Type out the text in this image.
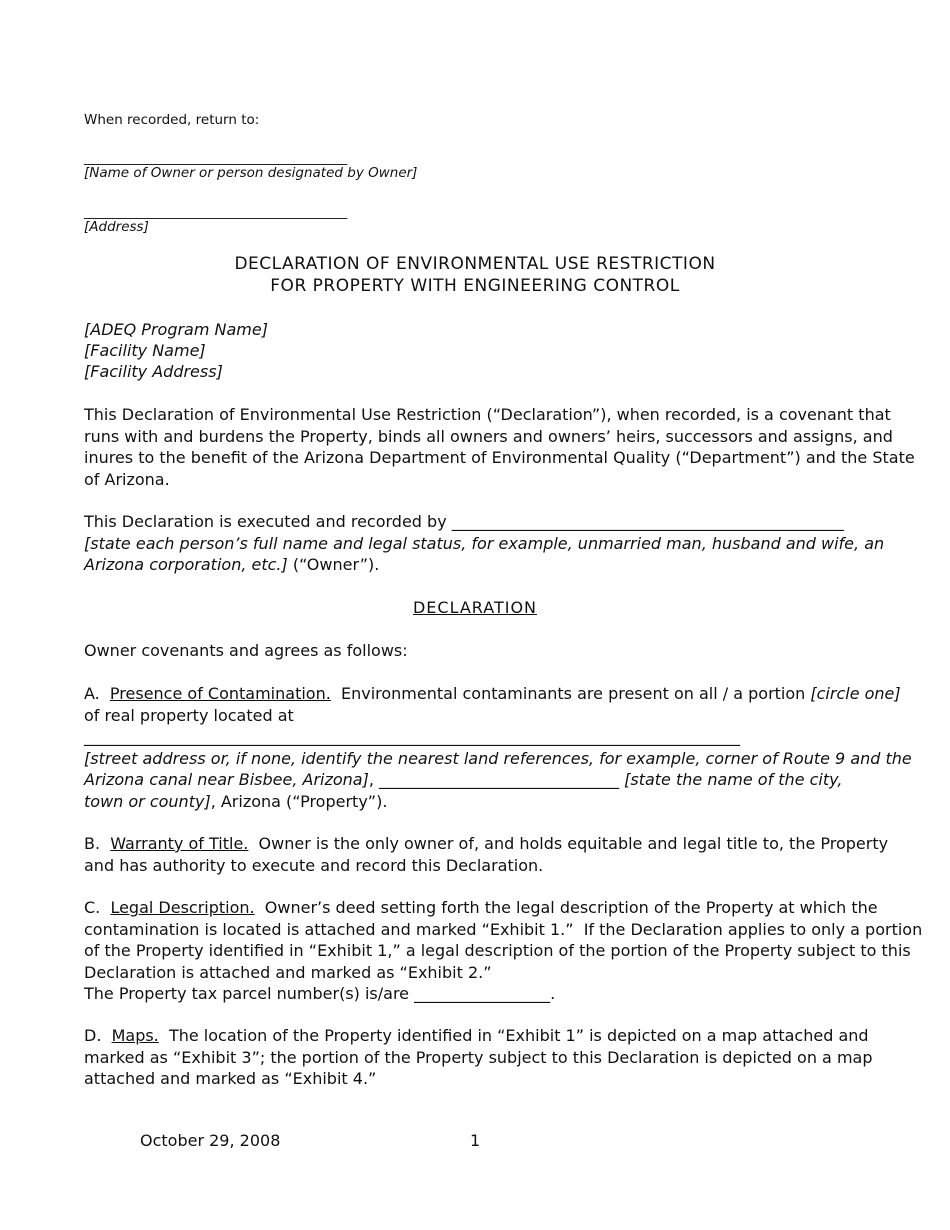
When recorded, return to:
_______________________________________
[Name of Owner or person designated by Owner]
_______________________________________
[Address]
DECLARATION OF ENVIRONMENTAL USE RESTRICTION
FOR PROPERTY WITH ENGINEERING CONTROL
[ADEQ Program Name]
[Facility Name]
[Facility Address]
This Declaration of Environmental Use Restriction (“Declaration”), when recorded, is a covenant that
runs with and burdens the Property, binds all owners and owners’ heirs, successors and assigns, and
inures to the benefit of the Arizona Department of Environmental Quality (“Department”) and the State
of Arizona.
This Declaration is executed and recorded by _________________________________________________
[state each person’s full name and legal status, for example, unmarried man, husband and wife, an
Arizona corporation, etc.] (“Owner”).
DECLARATION
Owner covenants and agrees as follows:
A. Presence of Contamination.  Environmental contaminants are present on all / a portion [circle one]
of real property located at
__________________________________________________________________________________
[street address or, if none, identify the nearest land references, for example, corner of Route 9 and the
Arizona canal near Bisbee, Arizona], ______________________________ [state the name of the city,
town or county], Arizona (“Property”).
B. Warranty of Title.  Owner is the only owner of, and holds equitable and legal title to, the Property
and has authority to execute and record this Declaration.
C. Legal Description.  Owner’s deed setting forth the legal description of the Property at which the
contamination is located is attached and marked “Exhibit 1.”  If the Declaration applies to only a portion
of the Property identified in “Exhibit 1,” a legal description of the portion of the Property subject to this
Declaration is attached and marked as “Exhibit 2.”
The Property tax parcel number(s) is/are _________________.
D. Maps.  The location of the Property identified in “Exhibit 1” is depicted on a map attached and
marked as “Exhibit 3”; the portion of the Property subject to this Declaration is depicted on a map
attached and marked as “Exhibit 4.”
October 29, 2008	1
